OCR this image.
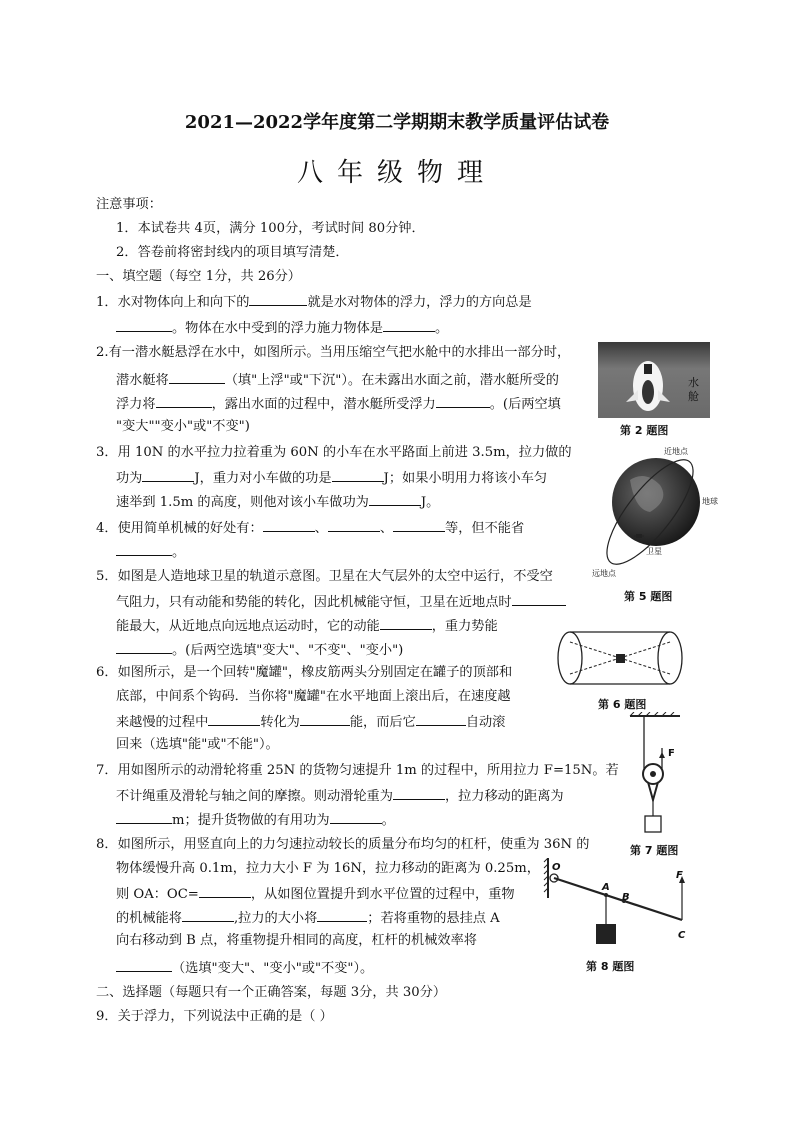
2021—2022学年度第二学期期末教学质量评估试卷
八年级物理
注意事项：
1．本试卷共 4页，满分 100分，考试时间 80分钟．
2．答卷前将密封线内的项目填写清楚．
一、填空题（每空 1分，共 26分）
1．水对物体向上和向下的	就是水对物体的浮力，浮力的方向总是
。物体在水中受到的浮力施力物体是	。
2.有一潜水艇悬浮在水中，如图所示。当用压缩空气把水舱中的水排出一部分时，
潜水艇将	（填"上浮"或"下沉"）。在未露出水面之前，潜水艇所受的
浮力将	，露出水面的过程中，潜水艇所受浮力	。(后两空填
"变大""变小"或"不变")
3．用 10N 的水平拉力拉着重为 60N 的小车在水平路面上前进 3.5m，拉力做的
功为	J，重力对小车做的功是	J；如果小明用力将该小车匀
速举到 1.5m 的高度，则他对该小车做功为	J。
4．使用简单机械的好处有：	、	、	等，但不能省
。
5．如图是人造地球卫星的轨道示意图。卫星在大气层外的太空中运行，不受空
气阻力，只有动能和势能的转化，因此机械能守恒，卫星在近地点时
能最大，从近地点向远地点运动时，它的动能	，重力势能
。(后两空选填"变大"、"不变"、"变小")
6．如图所示，是一个回转"魔罐"，橡皮筋两头分别固定在罐子的顶部和
底部，中间系个钩码．当你将"魔罐"在水平地面上滚出后，在速度越
来越慢的过程中	转化为	能，而后它	自动滚
回来（选填"能"或"不能"）。
7．用如图所示的动滑轮将重 25N 的货物匀速提升 1m 的过程中，所用拉力 F=15N。若
不计绳重及滑轮与轴之间的摩擦。则动滑轮重为	，拉力移动的距离为
m；提升货物做的有用功为	。
8．如图所示，用竖直向上的力匀速拉动较长的质量分布均匀的杠杆，使重为 36N 的
物体缓慢升高 0.1m，拉力大小 F 为 16N，拉力移动的距离为 0.25m，
则 OA：OC=	，从如图位置提升到水平位置的过程中，重物
的机械能将	,拉力的大小将	；若将重物的悬挂点 A
向右移动到 B 点，将重物提升相同的高度，杠杆的机械效率将
（选填"变大"、"变小"或"不变"）。
二、选择题（每题只有一个正确答案，每题 3分，共 30分）
9．关于浮力，下列说法中正确的是（ ）
水舱
第 2 题图
近地点
地球
卫星
远地点
第 5 题图
第 6 题图
F
第 7 题图
O
A
B
C
F
第 8 题图
